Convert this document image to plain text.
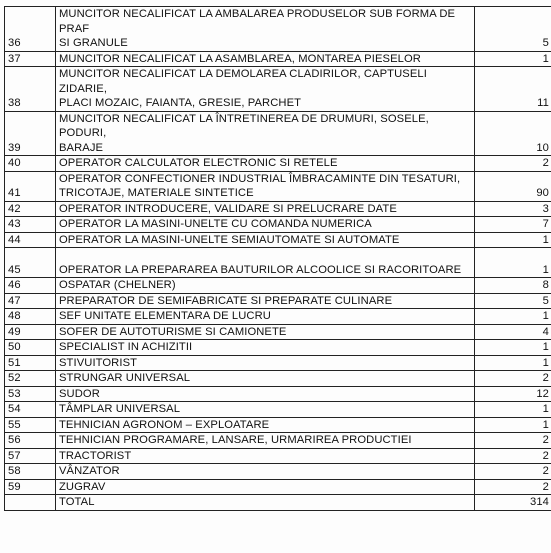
36	MUNCITOR NECALIFICAT LA AMBALAREA PRODUSELOR SUB FORMA DE PRAF
SI GRANULE	5
37	MUNCITOR NECALIFICAT LA ASAMBLAREA, MONTAREA PIESELOR	1
38	MUNCITOR NECALIFICAT LA DEMOLAREA CLADIRILOR, CAPTUSELI ZIDARIE,
PLACI MOZAIC, FAIANTA, GRESIE, PARCHET	11
39	MUNCITOR NECALIFICAT LA ÎNTRETINEREA DE DRUMURI, SOSELE, PODURI,
BARAJE	10
40	OPERATOR CALCULATOR ELECTRONIC SI RETELE	2
41	OPERATOR CONFECTIONER INDUSTRIAL ÎMBRACAMINTE DIN TESATURI,
TRICOTAJE, MATERIALE SINTETICE	90
42	OPERATOR INTRODUCERE, VALIDARE SI PRELUCRARE DATE	3
43	OPERATOR LA MASINI-UNELTE CU COMANDA NUMERICA	7
44	OPERATOR LA MASINI-UNELTE SEMIAUTOMATE SI AUTOMATE	1
45	OPERATOR LA PREPARAREA BAUTURILOR ALCOOLICE SI RACORITOARE	1
46	OSPATAR (CHELNER)	8
47	PREPARATOR DE SEMIFABRICATE SI PREPARATE CULINARE	5
48	SEF UNITATE ELEMENTARA DE LUCRU	1
49	SOFER DE AUTOTURISME SI CAMIONETE	4
50	SPECIALIST IN ACHIZITII	1
51	STIVUITORIST	1
52	STRUNGAR UNIVERSAL	2
53	SUDOR	12
54	TÂMPLAR UNIVERSAL	1
55	TEHNICIAN AGRONOM – EXPLOATARE	1
56	TEHNICIAN PROGRAMARE, LANSARE, URMARIREA PRODUCTIEI	2
57	TRACTORIST	2
58	VÂNZATOR	2
59	ZUGRAV	2

	TOTAL	314
